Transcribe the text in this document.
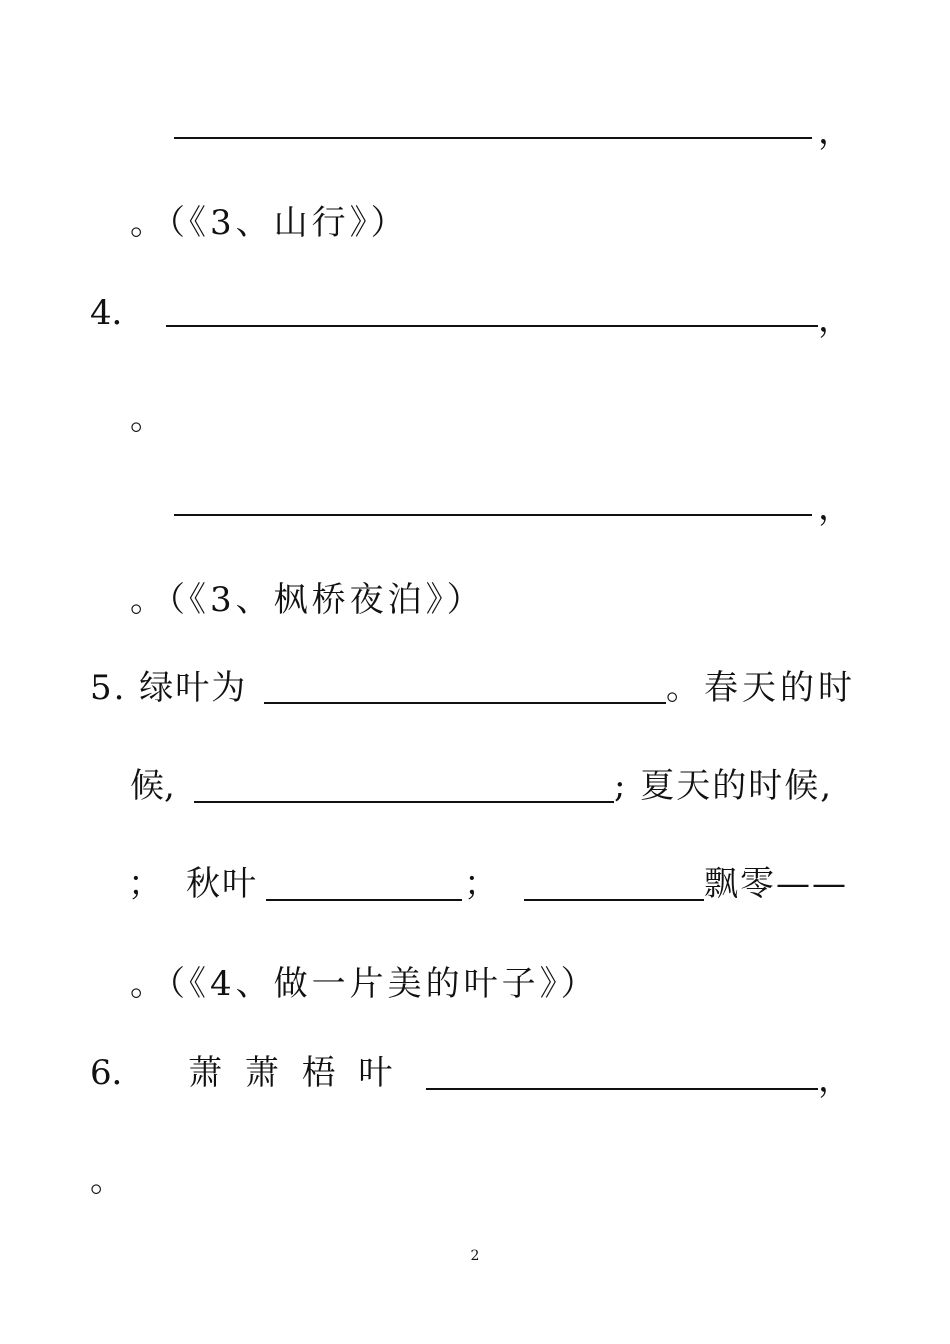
，
。（《3、山行》）
4．	，
。
，
。（《3、枫桥夜泊》）
5. 绿叶为	。春天的时
候,	; 夏天的时候,
； 秋叶	；	飘零——
。（《4、做一片美的叶子》）
6． 萧 萧 梧 叶	，
。
2
